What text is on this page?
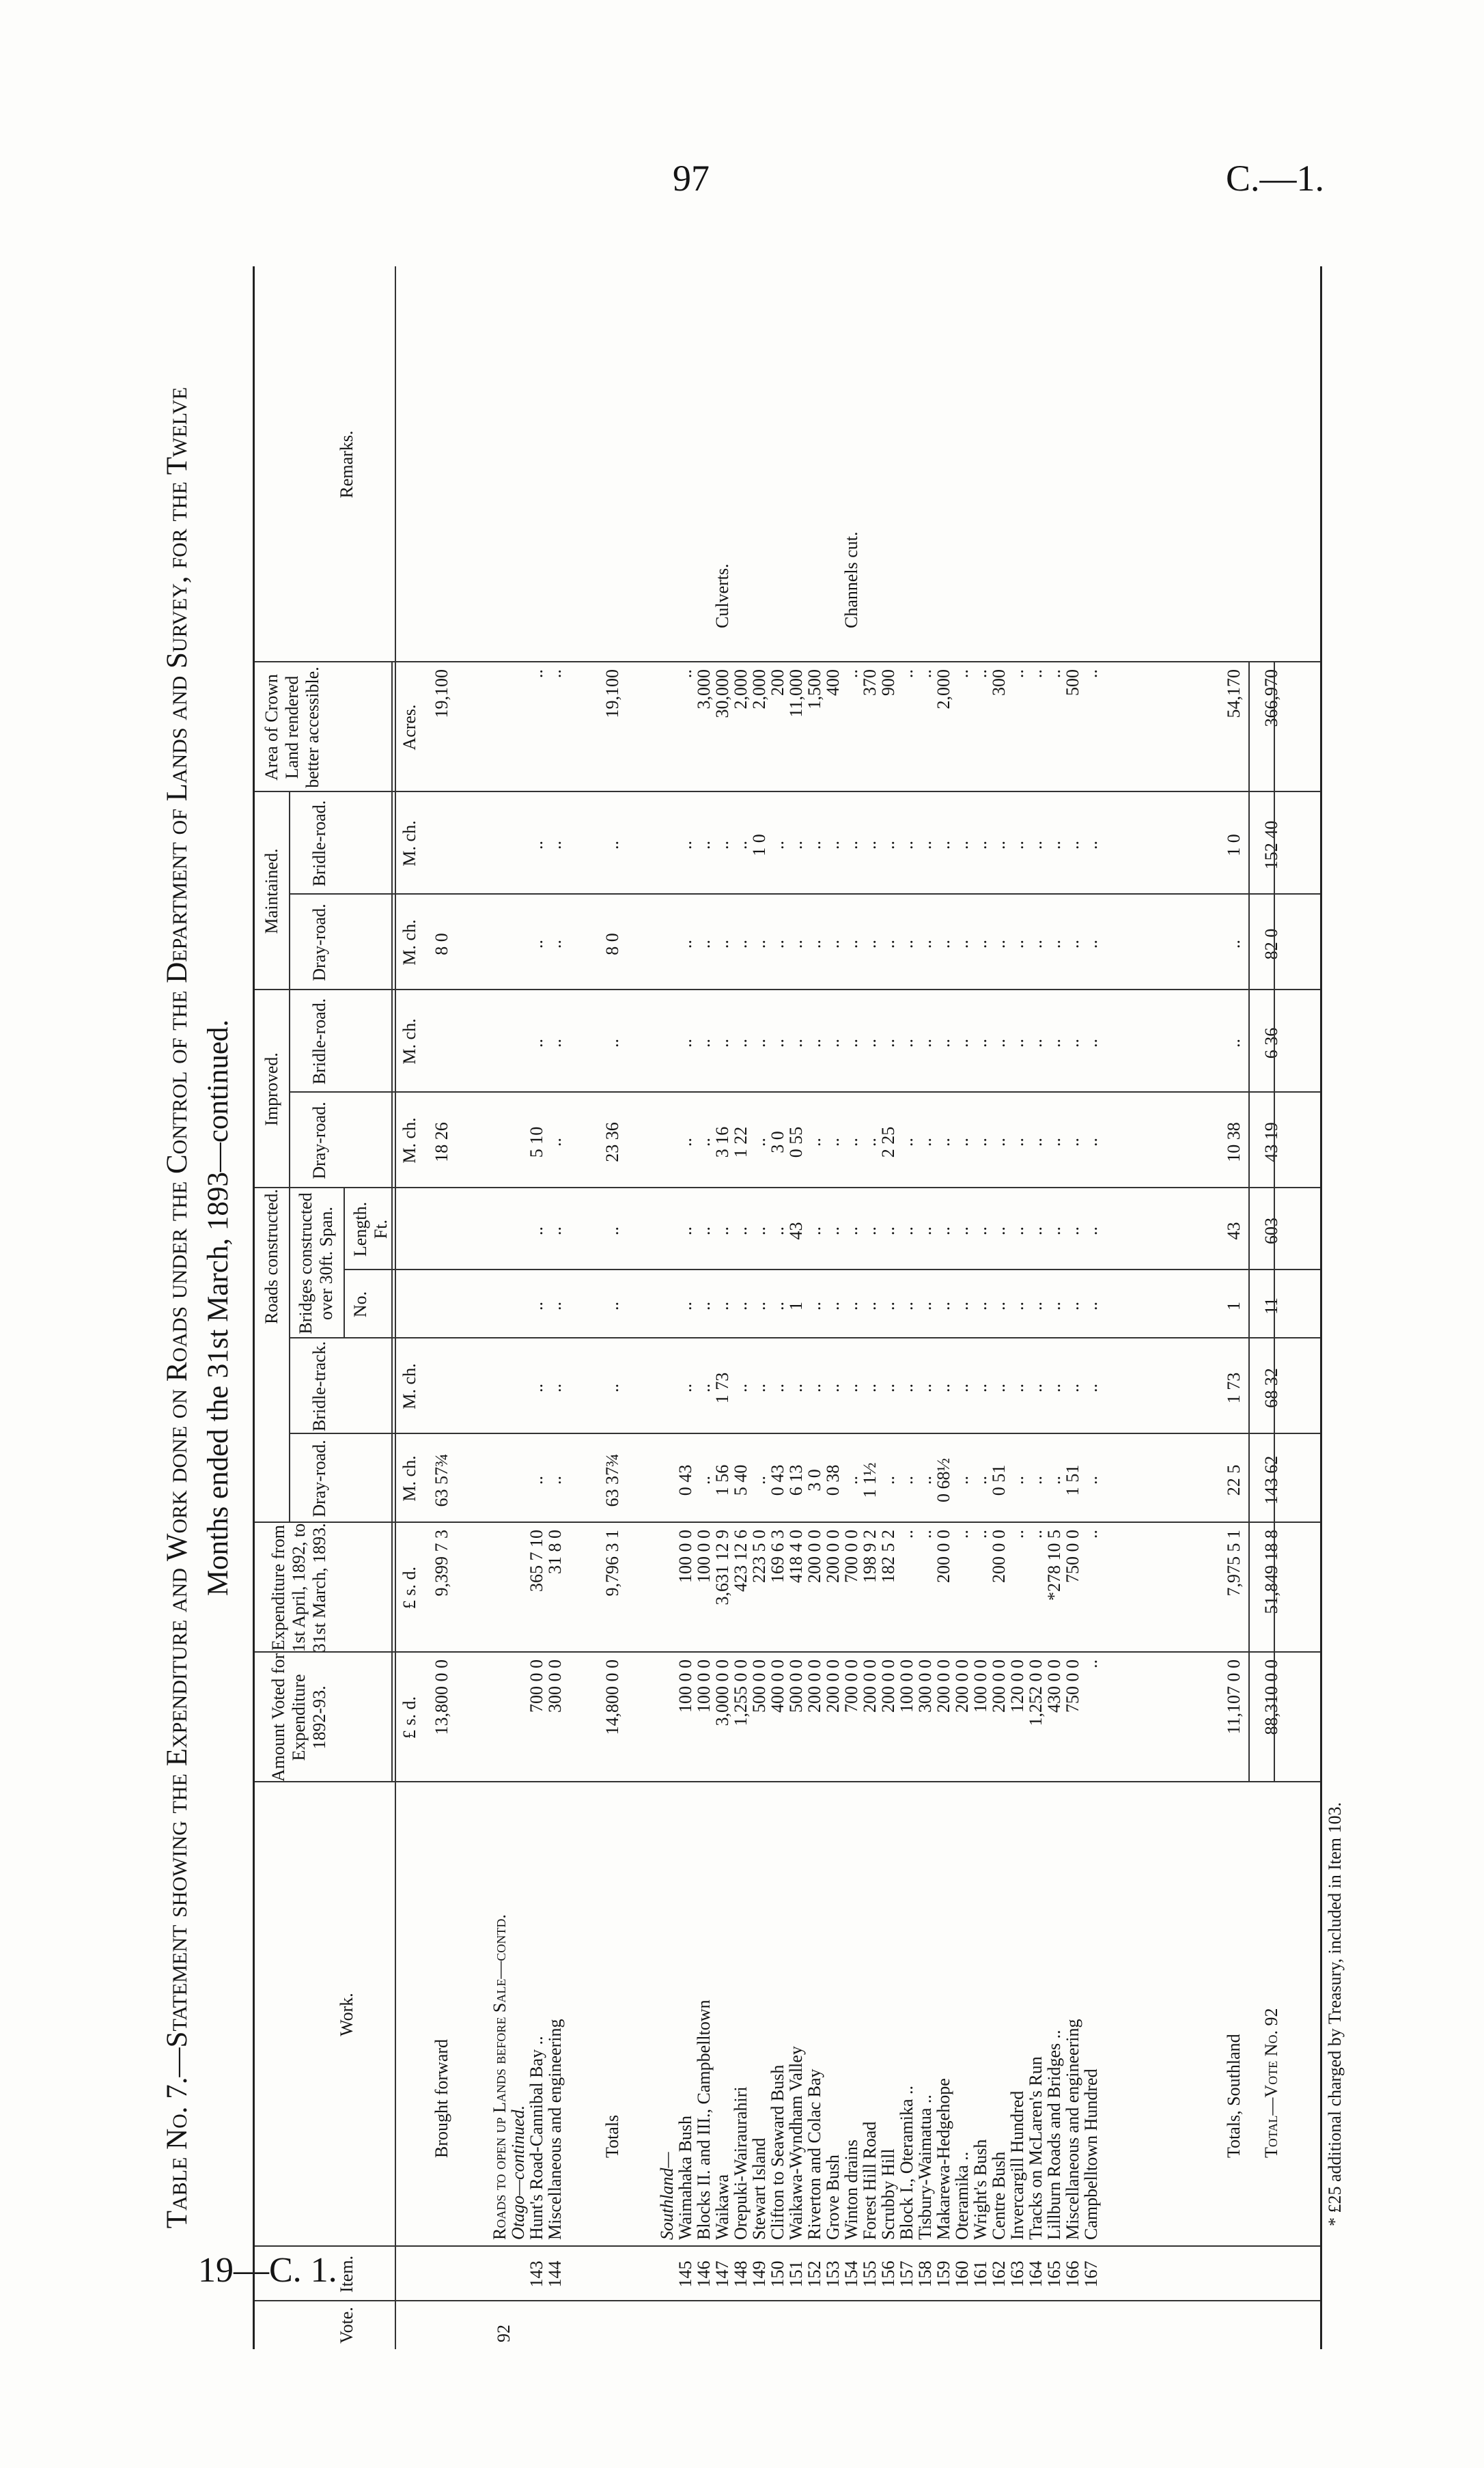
97	C.—1.
19—C. 1.
Table No. 7.—Statement showing the Expenditure and Work done on Roads under the Control of the Department of Lands and Survey, for the Twelve Months ended the 31st March, 1893—continued.
Vote.
Item.
Work.
Amount Voted for Expenditure 1892-93.
Expenditure from 1st April, 1892, to 31st March, 1893.
Roads constructed.
Dray-road.
Bridle-track.
Bridges constructed over 30ft. Span. No.
Length.
Improved.
Dray-road.
Bridle-road.
Maintained.
Dray-road.
Bridle-road.
Area of Crown Land rendered better accessible.
Remarks.
£ s. d.
£ s. d.
M. ch.
M. ch.
Ft.
M. ch.
M. ch.
M. ch.
M. ch.
Acres.
92
Brought forward
13,800 0 0
9,399 7 3
63 57¾
18 26
8 0
19,100
Roads to open up Lands before Sale—contd.
Otago—continued.
143
Hunt's Road-Cannibal Bay ..
700 0 0
365 7 10
..
..
..
..
5 10
..
..
..
..
144
Miscellaneous and engineering
300 0 0
31 8 0
..
..
..
..
..
..
..
..
..
Totals
14,800 0 0
9,796 3 1
63 37¾
..
..
..
23 36
..
8 0
..
19,100
Southland—
145
Waimahaka Bush
100 0 0
100 0 0
0 43
..
..
..
..
..
..
..
..
146
Blocks II. and III., Campbelltown
100 0 0
100 0 0
..
..
..
..
..
..
..
..
3,000
147
Waikawa
3,000 0 0
3,631 12 9
1 56
1 73
..
..
3 16
..
..
..
30,000
Culverts.
148
Orepuki-Wairaurahiri
1,255 0 0
423 12 6
5 40
..
..
..
1 22
..
..
..
2,000
149
Stewart Island
500 0 0
223 5 0
..
..
..
..
..
..
..
1 0
2,000
150
Clifton to Seaward Bush
400 0 0
169 6 3
0 43
..
..
..
3 0
..
..
..
200
151
Waikawa-Wyndham Valley
500 0 0
418 4 0
6 13
..
1
43
0 55
..
..
..
11,000
152
Riverton and Colac Bay
200 0 0
200 0 0
3 0
..
..
..
..
..
..
..
1,500
153
Grove Bush
200 0 0
200 0 0
0 38
..
..
..
..
..
..
..
400
154
Winton drains
700 0 0
700 0 0
..
..
..
..
..
..
..
..
..
Channels cut.
155
Forest Hill Road
200 0 0
198 9 2
1 1½
..
..
..
..
..
..
..
370
156
Scrubby Hill
200 0 0
182 5 2
..
..
..
..
2 25
..
..
..
900
157
Block I., Oteramika ..
100 0 0
..
..
..
..
..
..
..
..
..
..
158
Tisbury-Waimatua ..
300 0 0
..
..
..
..
..
..
..
..
..
..
159
Makarewa-Hedgehope
200 0 0
200 0 0
0 68½
..
..
..
..
..
..
..
2,000
160
Oteramika ..
200 0 0
..
..
..
..
..
..
..
..
..
..
161
Wright's Bush
100 0 0
..
..
..
..
..
..
..
..
..
..
162
Centre Bush
200 0 0
200 0 0
0 51
..
..
..
..
..
..
..
300
163
Invercargill Hundred
120 0 0
..
..
..
..
..
..
..
..
..
..
164
Tracks on McLaren's Run
1,252 0 0
..
..
..
..
..
..
..
..
..
..
165
Lillburn Roads and Bridges ..
430 0 0
*278 10 5
..
..
..
..
..
..
..
..
..
166
Miscellaneous and engineering
750 0 0
750 0 0
1 51
..
..
..
..
..
..
..
500
167
Campbelltown Hundred
..
..
..
..
..
..
..
..
..
..
..
Totals, Southland
11,107 0 0
7,975 5 1
22 5
1 73
1
43
10 38
..
..
1 0
54,170
Total—Vote No. 92
88,310 0 0
51,849 18 8
143 62
68 32
11
603
43 19
6 36
82 0
152 40
366,970
* £25 additional charged by Treasury, included in Item 103.
